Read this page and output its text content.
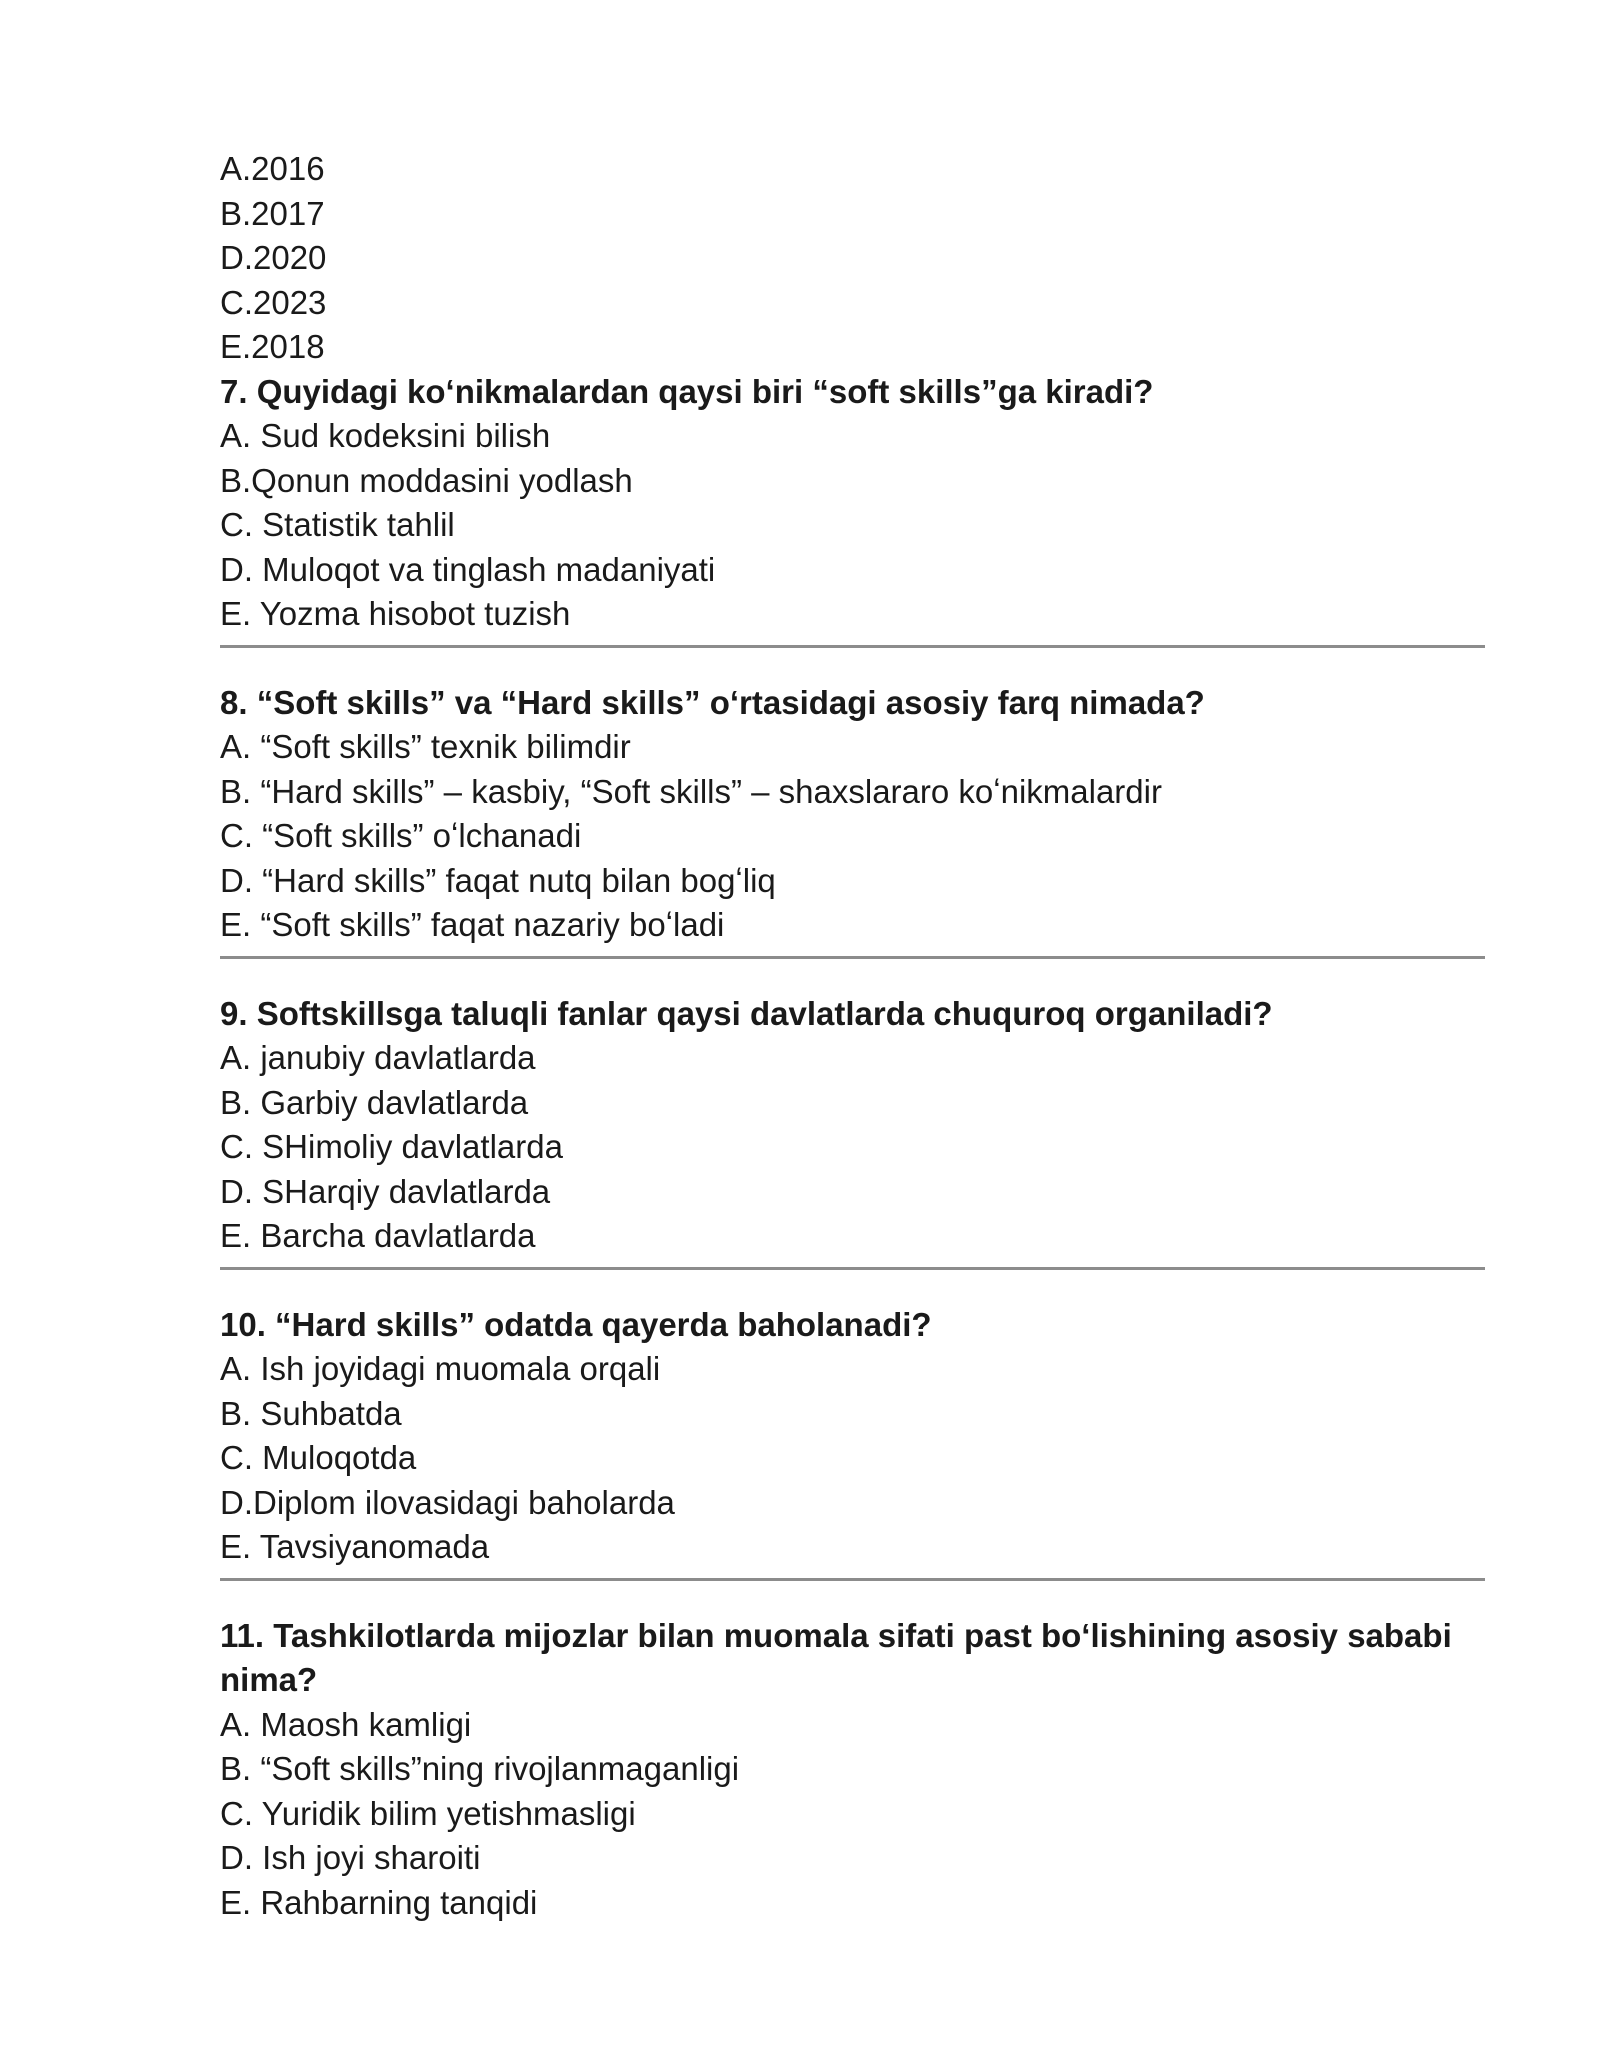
A.2016
B.2017
D.2020
C.2023
E.2018
7. Quyidagi koʻnikmalardan qaysi biri “soft skills”ga kiradi?
A. Sud kodeksini bilish
B.Qonun moddasini yodlash
C. Statistik tahlil
D. Muloqot va tinglash madaniyati
E. Yozma hisobot tuzish
8. “Soft skills” va “Hard skills” oʻrtasidagi asosiy farq nimada?
A. “Soft skills” texnik bilimdir
B. “Hard skills” – kasbiy, “Soft skills” – shaxslararo koʻnikmalardir
C. “Soft skills” oʻlchanadi
D. “Hard skills” faqat nutq bilan bogʻliq
E. “Soft skills” faqat nazariy boʻladi
9. Softskillsga taluqli fanlar qaysi davlatlarda chuquroq organiladi?
A. janubiy davlatlarda
B. Garbiy davlatlarda
C. SHimoliy davlatlarda
D. SHarqiy davlatlarda
E. Barcha davlatlarda
10. “Hard skills” odatda qayerda baholanadi?
A. Ish joyidagi muomala orqali
B. Suhbatda
C. Muloqotda
D.Diplom ilovasidagi baholarda
E. Tavsiyanomada
11. Tashkilotlarda mijozlar bilan muomala sifati past boʻlishining asosiy sababi nima?
A. Maosh kamligi
B. “Soft skills”ning rivojlanmaganligi
C. Yuridik bilim yetishmasligi
D. Ish joyi sharoiti
E. Rahbarning tanqidi
